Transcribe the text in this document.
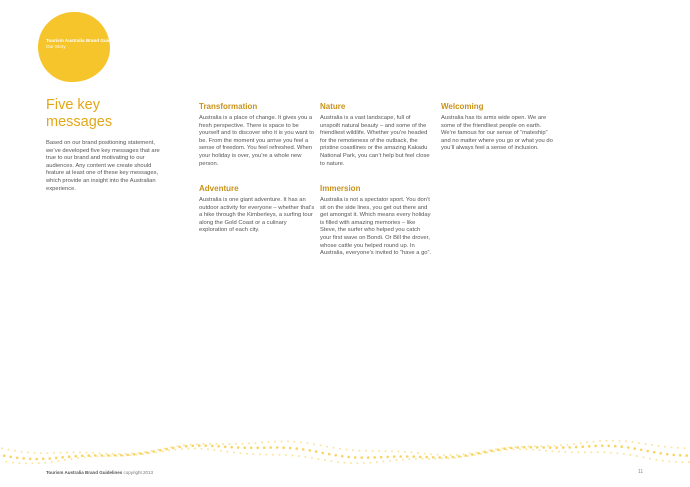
Tourism Australia Brand Guidelines
Our Story
Five key messages

Based on our brand positioning statement, we’ve developed five key messages that are true to our brand and motivating to our audiences. Any content we create should feature at least one of these key messages, which provide an insight into the Australian experience.

Transformation

Australia is a place of change. It gives you a fresh perspective. There is space to be yourself and to discover who it is you want to be. From the moment you arrive you feel a sense of freedom. You feel refreshed. When your holiday is over, you’re a whole new person.

Adventure

Australia is one giant adventure. It has an outdoor activity for everyone – whether that’s a hike through the Kimberleys, a surfing tour along the Gold Coast or a culinary exploration of each city.

Nature

Australia is a vast landscape, full of unspoilt natural beauty – and some of the friendliest wildlife. Whether you’re headed for the remoteness of the outback, the pristine coastlines or the amazing Kakadu National Park, you can’t help but feel close to nature.

Immersion

Australia is not a spectator sport. You don’t sit on the side lines, you get out there and get amongst it. Which means every holiday is filled with amazing memories – like Steve, the surfer who helped you catch your first wave on Bondi. Or Bill the drover, whose cattle you helped round up. In Australia, everyone’s invited to “have a go”.

Welcoming

Australia has its arms wide open. We are some of the friendliest people on earth. We’re famous for our sense of “mateship” and no matter where you go or what you do you’ll always feel a sense of inclusion.

Tourism Australia Brand Guidelines copyright 2013	11
